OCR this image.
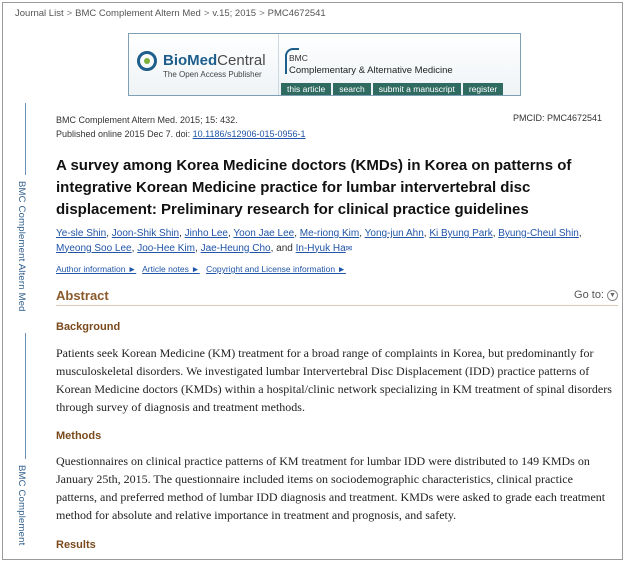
Journal List > BMC Complement Altern Med > v.15; 2015 > PMC4672541
BioMedCentral
The Open Access Publisher
BMC
Complementary & Alternative Medicine
this article	search	submit a manuscript	register
BMC Complement Altern Med. 2015; 15: 432.
Published online 2015 Dec 7. doi: 10.1186/s12906-015-0956-1
PMCID: PMC4672541
A survey among Korea Medicine doctors (KMDs) in Korea on patterns of integrative Korean Medicine practice for lumbar intervertebral disc displacement: Preliminary research for clinical practice guidelines
Ye-sle Shin, Joon-Shik Shin, Jinho Lee, Yoon Jae Lee, Me-riong Kim, Yong-jun Ahn, Ki Byung Park, Byung-Cheul Shin, Myeong Soo Lee, Joo-Hee Kim, Jae-Heung Cho, and In-Hyuk Ha✉
Author information ► Article notes ► Copyright and License information ►
Abstract	Go to: ▼
Background
Patients seek Korean Medicine (KM) treatment for a broad range of complaints in Korea, but predominantly for musculoskeletal disorders. We investigated lumbar Intervertebral Disc Displacement (IDD) practice patterns of Korean Medicine doctors (KMDs) within a hospital/clinic network specializing in KM treatment of spinal disorders through survey of diagnosis and treatment methods.
Methods
Questionnaires on clinical practice patterns of KM treatment for lumbar IDD were distributed to 149 KMDs on January 25th, 2015. The questionnaire included items on sociodemographic characteristics, clinical practice patterns, and preferred method of lumbar IDD diagnosis and treatment. KMDs were asked to grade each treatment method for absolute and relative importance in treatment and prognosis, and safety.
Results
BMC Complement Altern Med
BMC Complement
